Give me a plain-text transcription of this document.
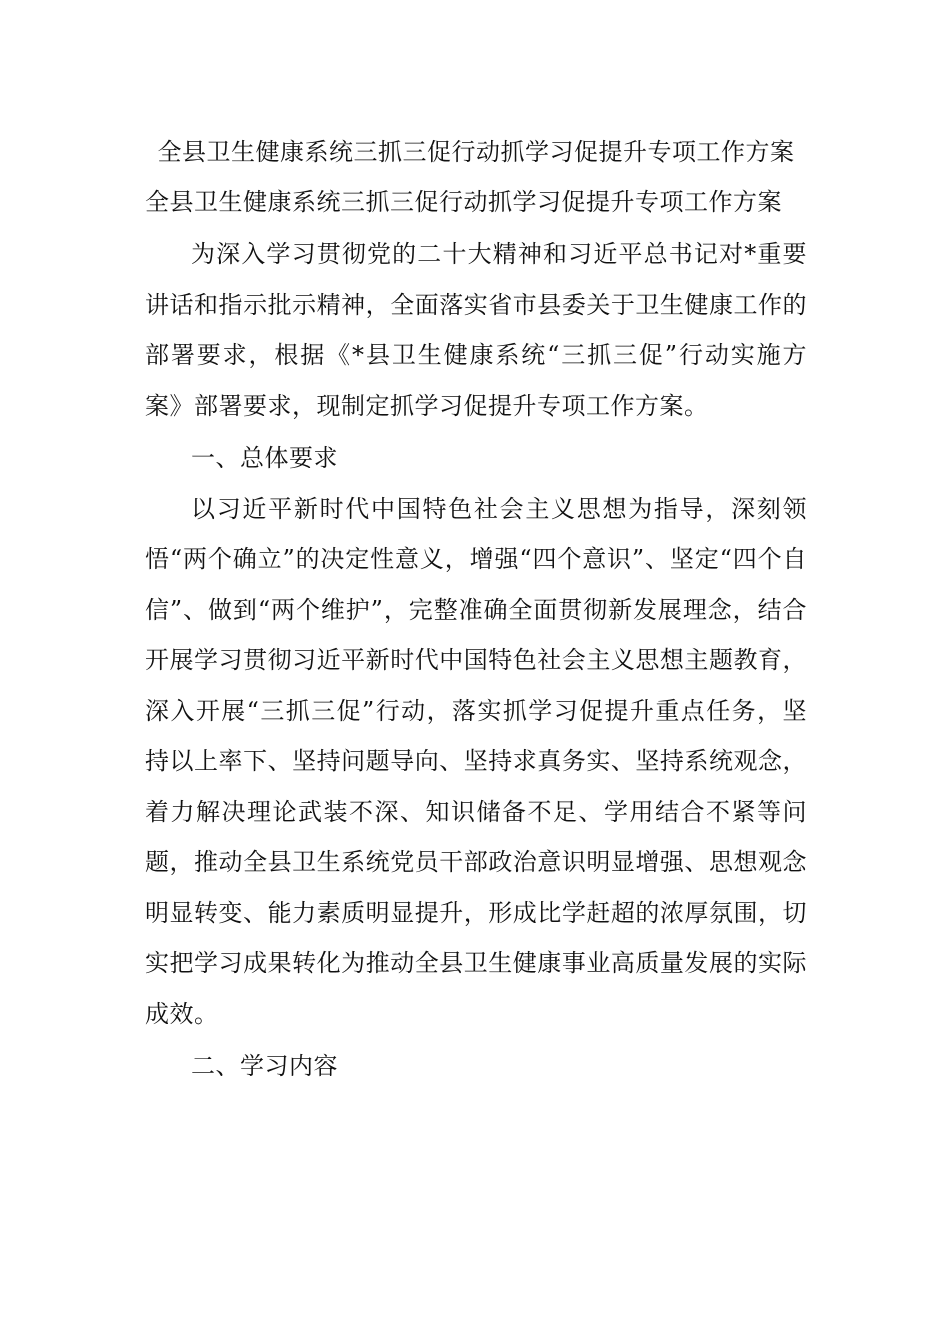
全县卫生健康系统三抓三促行动抓学习促提升专项工作方案

全县卫生健康系统三抓三促行动抓学习促提升专项工作方案

为深入学习贯彻党的二十大精神和习近平总书记对*重要讲话和指示批示精神，全面落实省市县委关于卫生健康工作的部署要求，根据《*县卫生健康系统“三抓三促”行动实施方案》部署要求，现制定抓学习促提升专项工作方案。

一、总体要求

以习近平新时代中国特色社会主义思想为指导，深刻领悟“两个确立”的决定性意义，增强“四个意识”、坚定“四个自信”、做到“两个维护”，完整准确全面贯彻新发展理念，结合开展学习贯彻习近平新时代中国特色社会主义思想主题教育，深入开展“三抓三促”行动，落实抓学习促提升重点任务，坚持以上率下、坚持问题导向、坚持求真务实、坚持系统观念，着力解决理论武装不深、知识储备不足、学用结合不紧等问题，推动全县卫生系统党员干部政治意识明显增强、思想观念明显转变、能力素质明显提升，形成比学赶超的浓厚氛围，切实把学习成果转化为推动全县卫生健康事业高质量发展的实际成效。

二、学习内容
